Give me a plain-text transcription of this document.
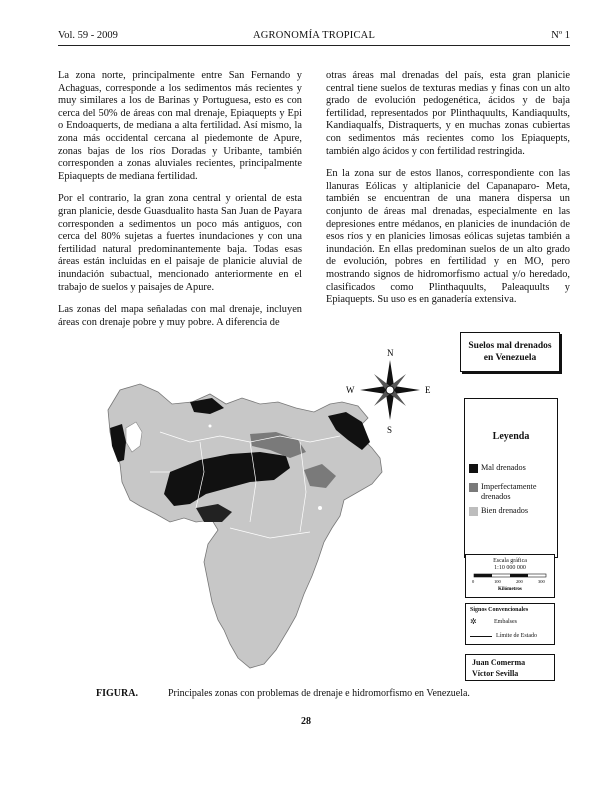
Vol. 59 - 2009	AGRONOMÍA TROPICAL	Nº 1

La zona norte, principalmente entre San Fernando y Achaguas, corresponde a los sedimentos más recientes y muy similares a los de Barinas y Portuguesa, esto es con cerca del 50% de áreas con mal drenaje, Epiaquepts y Epi o Endoaquerts, de mediana a alta fertilidad. Así mismo, la zona más occidental cercana al piedemonte de Apure, zonas bajas de los ríos Doradas y Uribante, también corresponden a zonas aluviales recientes, principalmente Epiaquepts de mediana fertilidad.

Por el contrario, la gran zona central y oriental de esta gran planicie, desde Guasdualito hasta San Juan de Payara corresponden a sedimentos un poco más antiguos, con cerca del 80% sujetas a fuertes inundaciones y con una fertilidad natural predominantemente baja. Todas esas áreas están incluidas en el paisaje de planicie aluvial de inundación subactual, mencionado anteriormente en el trabajo de suelos y paisajes de Apure.

Las zonas del mapa señaladas con mal drenaje, incluyen áreas con drenaje pobre y muy pobre. A diferencia de

otras áreas mal drenadas del país, esta gran planicie central tiene suelos de texturas medias y finas con un alto grado de evolución pedogenética, ácidos y de baja fertilidad, representados por Plinthaquults, Kandiaquults, Kandiaqualfs, Distraquerts, y en muchas zonas cubiertas con sedimentos más recientes como los Epiaquepts, también algo ácidos y con fertilidad restringida.

En la zona sur de estos llanos, correspondiente con las llanuras Eólicas y altiplanicie del Capanaparo- Meta, también se encuentran de una manera dispersa un conjunto de áreas mal drenadas, especialmente en las depresiones entre médanos, en planicies de inundación de esos ríos y en planicies limosas eólicas sujetas también a inundación. En ellas predominan suelos de un alto grado de evolución, pobres en fertilidad y en MO, pero mostrando signos de hidromorfismo actual y/o heredado, clasificados como Plinthaquults, Paleaquults y Epiaquepts. Su uso es en ganadería extensiva.

N
S
W	E
Suelos mal drenados
en Venezuela
Leyenda
Mal drenados
Imperfectamente drenados
Bien drenados
Escala gráfica
1:10 000 000
0	100	200	300
Kilómetros
Signos Convencionales
✲	Embalses
Límite de Estado
Juan Comerma
Víctor Sevilla
FIGURA.	Principales zonas con problemas de drenaje e hidromorfismo en Venezuela.
28
